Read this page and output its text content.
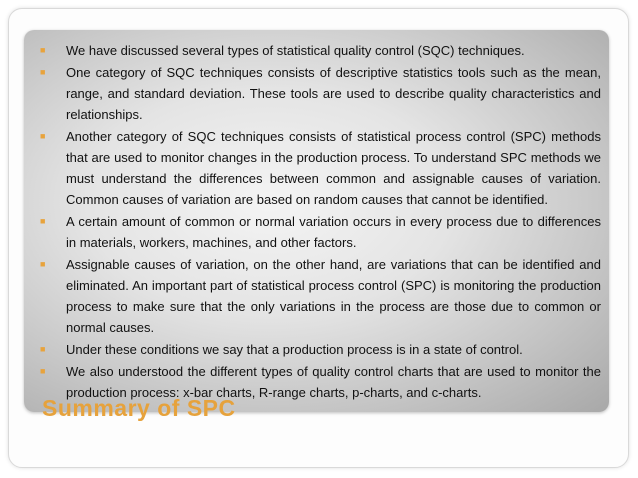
Summary of SPC
■ We have discussed several types of statistical quality control (SQC) techniques.
■ One category of SQC techniques consists of descriptive statistics tools such as the mean, range, and standard deviation. These tools are used to describe quality characteristics and relationships.
■ Another category of SQC techniques consists of statistical process control (SPC) methods that are used to monitor changes in the production process. To understand SPC methods we must understand the differences between common and assignable causes of variation. Common causes of variation are based on random causes that cannot be identified.
■ A certain amount of common or normal variation occurs in every process due to differences in materials, workers, machines, and other factors.
■ Assignable causes of variation, on the other hand, are variations that can be identified and eliminated. An important part of statistical process control (SPC) is monitoring the production process to make sure that the only variations in the process are those due to common or normal causes.
■ Under these conditions we say that a production process is in a state of control.
■ We also understood the different types of quality control charts that are used to monitor the production process: x-bar charts, R-range charts, p-charts, and c-charts.
